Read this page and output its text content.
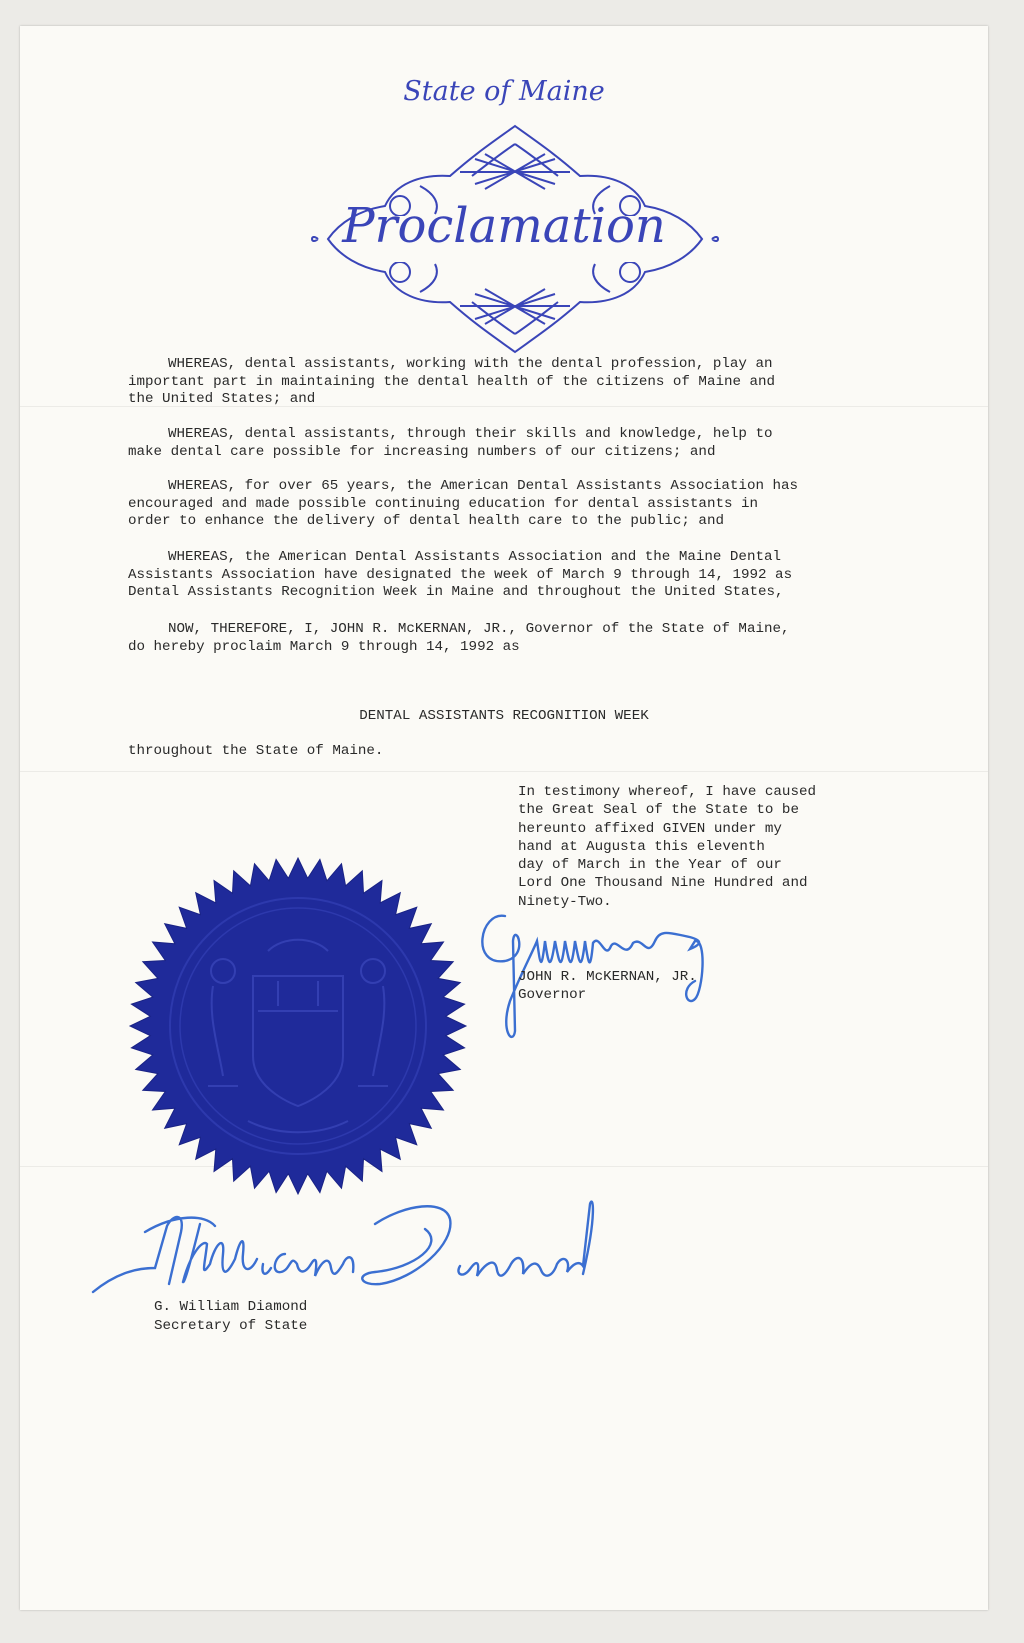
State of Maine
Proclamation
WHEREAS, dental assistants, working with the dental profession, play an
important part in maintaining the dental health of the citizens of Maine and
the United States; and
WHEREAS, dental assistants, through their skills and knowledge, help to
make dental care possible for increasing numbers of our citizens; and
WHEREAS, for over 65 years, the American Dental Assistants Association has
encouraged and made possible continuing education for dental assistants in
order to enhance the delivery of dental health care to the public; and
WHEREAS, the American Dental Assistants Association and the Maine Dental
Assistants Association have designated the week of March 9 through 14, 1992 as
Dental Assistants Recognition Week in Maine and throughout the United States,
NOW, THEREFORE, I, JOHN R. McKERNAN, JR., Governor of the State of Maine,
do hereby proclaim March 9 through 14, 1992 as
DENTAL ASSISTANTS RECOGNITION WEEK
throughout the State of Maine.
In testimony whereof, I have caused
the Great Seal of the State to be
hereunto affixed GIVEN under my
hand at Augusta this eleventh
day of March in the Year of our
Lord One Thousand Nine Hundred and
Ninety-Two.
JOHN R. McKERNAN, JR.
Governor
G. William Diamond
Secretary of State
